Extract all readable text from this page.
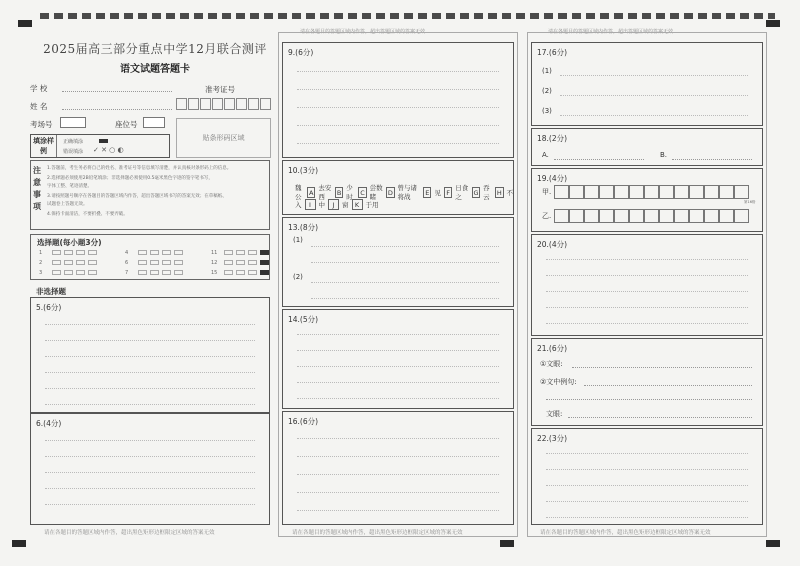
2025届高三部分重点中学12月联合测评
语文试题答题卡
学 校
姓 名
考场号	座位号
准考证号
贴条形码区域
填涂样例
正确填涂
错误填涂 ✓ ✕ ○ ◐
注意事项
1.答题前，考生务必将自己的姓名、准考证号等信息填写清楚，并认真核对条形码上的信息。
2.选择题必须使用2B铅笔填涂；非选择题必须使用0.5毫米黑色字迹的签字笔书写，
字体工整、笔迹清楚。
3.请按照题号顺序在各题目的答题区域内作答，超出答题区域书写的答案无效；在草稿纸、
试题卷上答题无效。
4.保持卡面清洁，不要折叠、不要弄破。
选择题(每小题3分)
1	4	11
2	6	12
3	7	15
非选择题
5.(6分)
6.(4分)
请在各题目的答题区域内作答，超出黑色矩形边框限定区域的答案无效
请在各题目的答题区域内作答，超出答题区域的答案无效
9.(6分)
10.(3分)
魏公
A
去安西
B
少时
C
尝数睹
D
曾与诸将战
E 见 F
日食之
G
吞云
H 不
入	I	中	J	窗 K 于用
13.(8分)
(1)
(2)
14.(5分)
16.(6分)
请在各题目的答题区域内作答，超出黑色矩形边框限定区域的答案无效
请在各题目的答题区域内作答，超出答题区域的答案无效
17.(6分)
(1)
(2)
(3)
18.(2分)
A.	B.
19.(4分)
甲.
乙.
第16格
20.(4分)
21.(6分)
①文眼:
②文中例句:
文眼:
22.(3分)
请在各题目的答题区域内作答，超出黑色矩形边框限定区域的答案无效
